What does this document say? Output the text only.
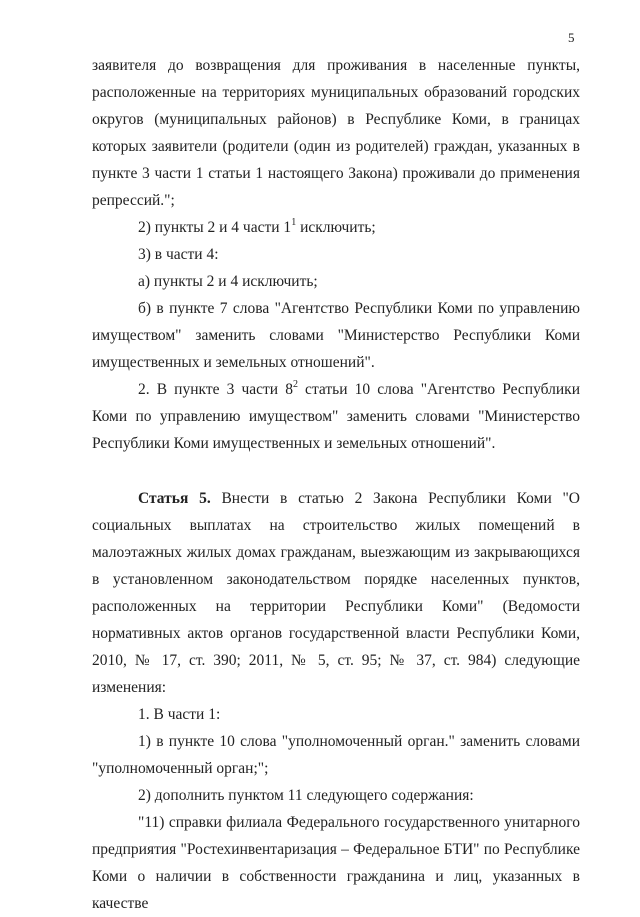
5

заявителя до возвращения для проживания в населенные пункты, расположенные на территориях муниципальных образований городских округов (муниципальных районов) в Республике Коми, в границах которых заявители (родители (один из родителей) граждан, указанных в пункте 3 части 1 статьи 1 настоящего Закона) проживали до применения репрессий.";

2) пункты 2 и 4 части $1^1$ исключить;

3) в части 4:

а) пункты 2 и 4 исключить;

б) в пункте 7 слова "Агентство Республики Коми по управлению имуществом" заменить словами "Министерство Республики Коми имущественных и земельных отношений".

2. В пункте 3 части $8^2$ статьи 10 слова "Агентство Республики Коми по управлению имуществом" заменить словами "Министерство Республики Коми имущественных и земельных отношений".

Статья 5. Внести в статью 2 Закона Республики Коми "О социальных выплатах на строительство жилых помещений в малоэтажных жилых домах гражданам, выезжающим из закрывающихся в установленном законодательством порядке населенных пунктов, расположенных на территории Республики Коми" (Ведомости нормативных актов органов государственной власти Республики Коми, 2010, № 17, ст. 390; 2011, № 5, ст. 95; № 37, ст. 984) следующие изменения:

1. В части 1:

1) в пункте 10 слова "уполномоченный орган." заменить словами "уполномоченный орган;";

2) дополнить пунктом 11 следующего содержания:

"11) справки филиала Федерального государственного унитарного предприятия "Ростехинвентаризация – Федеральное БТИ" по Республике Коми о наличии в собственности гражданина и лиц, указанных в качестве
